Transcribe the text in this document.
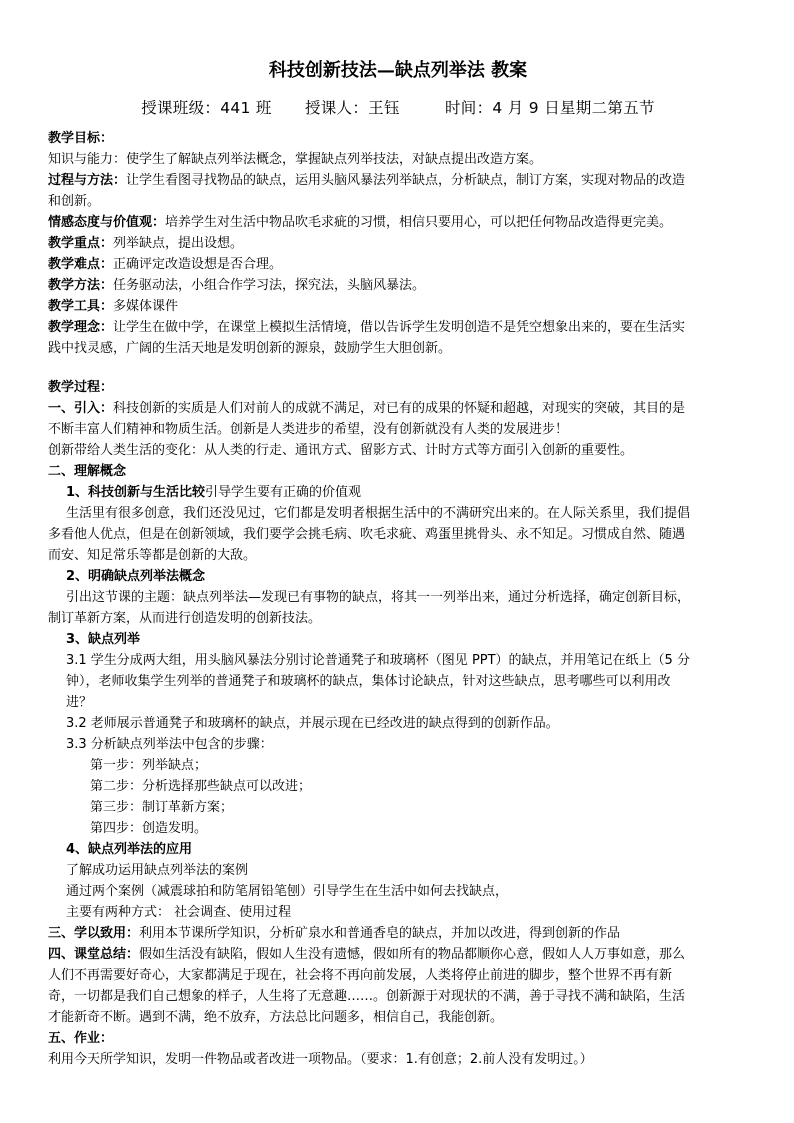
科技创新技法—缺点列举法 教案
授课班级：441 班 授课人：王钰	时间：4 月 9 日星期二第五节

教学目标：

知识与能力：使学生了解缺点列举法概念，掌握缺点列举技法，对缺点提出改造方案。

过程与方法：让学生看图寻找物品的缺点，运用头脑风暴法列举缺点，分析缺点，制订方案，实现对物品的改造

和创新。

情感态度与价值观：培养学生对生活中物品吹毛求疵的习惯，相信只要用心，可以把任何物品改造得更完美。

教学重点：列举缺点，提出设想。

教学难点：正确评定改造设想是否合理。

教学方法：任务驱动法，小组合作学习法，探究法，头脑风暴法。

教学工具：多媒体课件

教学理念：让学生在做中学，在课堂上模拟生活情境，借以告诉学生发明创造不是凭空想象出来的，要在生活实

践中找灵感，广阔的生活天地是发明创新的源泉，鼓励学生大胆创新。

教学过程：

一、引入：科技创新的实质是人们对前人的成就不满足，对已有的成果的怀疑和超越，对现实的突破，其目的是

不断丰富人们精神和物质生活。创新是人类进步的希望，没有创新就没有人类的发展进步！

创新带给人类生活的变化：从人类的行走、通讯方式、留影方式、计时方式等方面引入创新的重要性。

二、理解概念

1、科技创新与生活比较引导学生要有正确的价值观

生活里有很多创意，我们还没见过，它们都是发明者根据生活中的不满研究出来的。在人际关系里，我们提倡

多看他人优点，但是在创新领域，我们要学会挑毛病、吹毛求疵、鸡蛋里挑骨头、永不知足。习惯成自然、随遇

而安、知足常乐等都是创新的大敌。

2、明确缺点列举法概念

引出这节课的主题：缺点列举法—发现已有事物的缺点，将其一一列举出来，通过分析选择，确定创新目标，

制订革新方案，从而进行创造发明的创新技法。

3、缺点列举

3.1 学生分成两大组，用头脑风暴法分别讨论普通凳子和玻璃杯（图见 PPT）的缺点，并用笔记在纸上（5 分

钟），老师收集学生列举的普通凳子和玻璃杯的缺点，集体讨论缺点，针对这些缺点，思考哪些可以利用改

进？

3.2 老师展示普通凳子和玻璃杯的缺点，并展示现在已经改进的缺点得到的创新作品。

3.3 分析缺点列举法中包含的步骤：

第一步：列举缺点；

第二步：分析选择那些缺点可以改进；

第三步：制订革新方案；

第四步：创造发明。

4、缺点列举法的应用

了解成功运用缺点列举法的案例

通过两个案例（减震球拍和防笔屑铅笔刨）引导学生在生活中如何去找缺点，

主要有两种方式： 社会调查、使用过程

三、学以致用：利用本节课所学知识，分析矿泉水和普通香皂的缺点，并加以改进，得到创新的作品

四、课堂总结：假如生活没有缺陷，假如人生没有遗憾，假如所有的物品都顺你心意，假如人人万事如意，那么

人们不再需要好奇心，大家都满足于现在，社会将不再向前发展，人类将停止前进的脚步，整个世界不再有新

奇，一切都是我们自己想象的样子，人生将了无意趣……。创新源于对现状的不满，善于寻找不满和缺陷，生活

才能新奇不断。遇到不满，绝不放弃，方法总比问题多，相信自己，我能创新。

五、作业：

利用今天所学知识，发明一件物品或者改进一项物品。（要求：1.有创意；2.前人没有发明过。）
